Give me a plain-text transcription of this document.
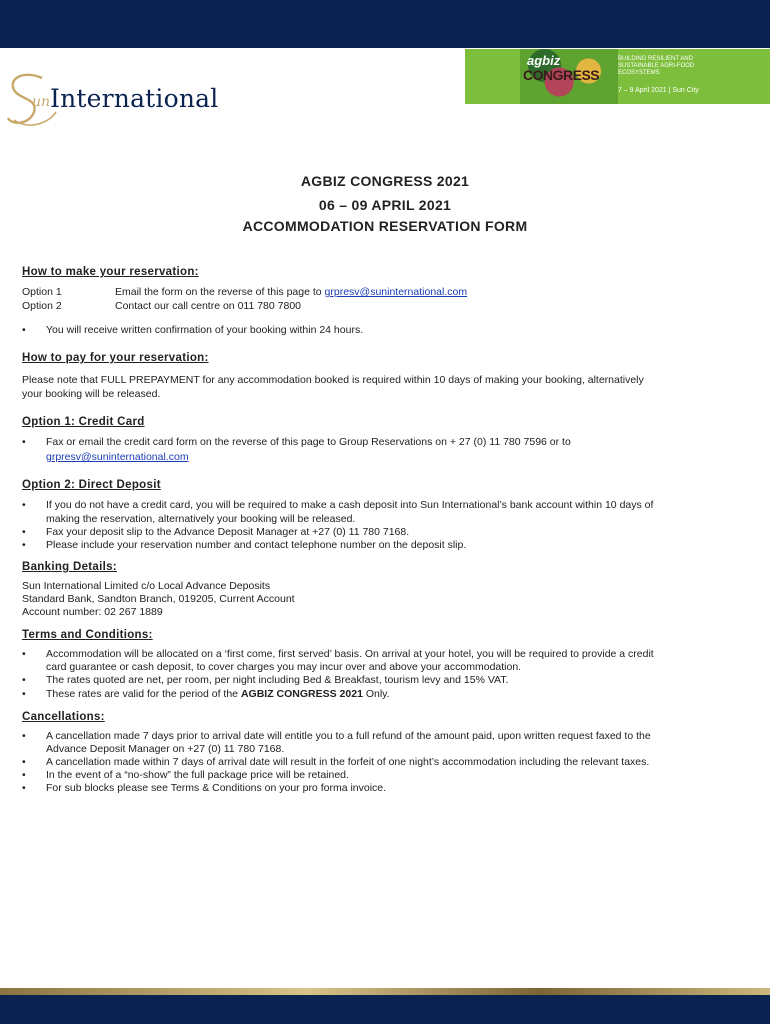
un International
agbiz
CONGRESS
BUILDING RESILIENT AND SUSTAINABLE AGRI-FOOD ECOSYSTEMS
7 – 9 April 2021 | Sun City
AGBIZ CONGRESS 2021
06 – 09 APRIL 2021
ACCOMMODATION RESERVATION FORM
How to make your reservation:
Option 1	Email the form on the reverse of this page to grpresv@suninternational.com
Option 2	Contact our call centre on 011 780 7800
• You will receive written confirmation of your booking within 24 hours.
How to pay for your reservation:
Please note that FULL PREPAYMENT for any accommodation booked is required within 10 days of making your booking, alternatively
your booking will be released.
Option 1: Credit Card
• Fax or email the credit card form on the reverse of this page to Group Reservations on + 27 (0) 11 780 7596 or to
grpresv@suninternational.com
Option 2: Direct Deposit
• If you do not have a credit card, you will be required to make a cash deposit into Sun International’s bank account within 10 days of
making the reservation, alternatively your booking will be released.
• Fax your deposit slip to the Advance Deposit Manager at +27 (0) 11 780 7168.
• Please include your reservation number and contact telephone number on the deposit slip.
Banking Details:
Sun International Limited c/o Local Advance Deposits
Standard Bank, Sandton Branch, 019205, Current Account
Account number: 02 267 1889
Terms and Conditions:
• Accommodation will be allocated on a ‘first come, first served’ basis. On arrival at your hotel, you will be required to provide a credit
card guarantee or cash deposit, to cover charges you may incur over and above your accommodation.
• The rates quoted are net, per room, per night including Bed & Breakfast, tourism levy and 15% VAT.
• These rates are valid for the period of the AGBIZ CONGRESS 2021 Only.
Cancellations:
• A cancellation made 7 days prior to arrival date will entitle you to a full refund of the amount paid, upon written request faxed to the
Advance Deposit Manager on +27 (0) 11 780 7168.
• A cancellation made within 7 days of arrival date will result in the forfeit of one night’s accommodation including the relevant taxes.
• In the event of a “no-show” the full package price will be retained.
• For sub blocks please see Terms & Conditions on your pro forma invoice.
